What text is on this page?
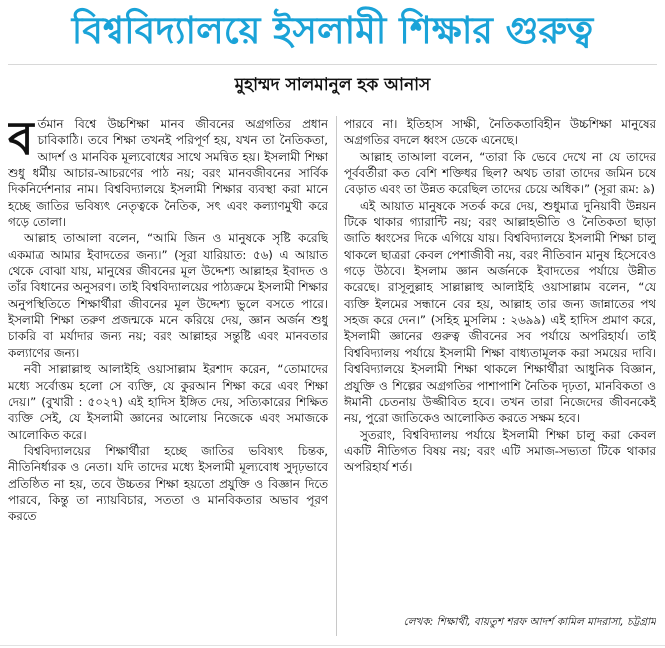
বিশ্ববিদ্যালয়ে ইসলামী শিক্ষার গুরুত্ব
মুহাম্মদ সালমানুল হক আনাস

বর্তমান বিশ্বে উচ্চশিক্ষা মানব জীবনের অগ্রগতির প্রধান চাবিকাঠি। তবে শিক্ষা তখনই পরিপূর্ণ হয়, যখন তা নৈতিকতা, আদর্শ ও মানবিক মূল্যবোধের সাথে সমন্বিত হয়। ইসলামী শিক্ষা শুধু ধর্মীয় আচার-আচরণের পাঠ নয়; বরং মানবজীবনের সার্বিক দিকনির্দেশনার নাম। বিশ্ববিদ্যালয়ে ইসলামী শিক্ষার ব্যবস্থা করা মানে হচ্ছে জাতির ভবিষ্যৎ নেতৃত্বকে নৈতিক, সৎ এবং কল্যাণমুখী করে গড়ে তোলা।

আল্লাহ তাআলা বলেন, “আমি জিন ও মানুষকে সৃষ্টি করেছি একমাত্র আমার ইবাদতের জন্য।” (সূরা যারিয়াত: ৫৬) এ আয়াত থেকে বোঝা যায়, মানুষের জীবনের মূল উদ্দেশ্য আল্লাহর ইবাদত ও তাঁর বিধানের অনুসরণ। তাই বিশ্ববিদ্যালয়ের পাঠ্যক্রমে ইসলামী শিক্ষার অনুপস্থিতিতে শিক্ষার্থীরা জীবনের মূল উদ্দেশ্য ভুলে বসতে পারে। ইসলামী শিক্ষা তরুণ প্রজন্মকে মনে করিয়ে দেয়, জ্ঞান অর্জন শুধু চাকরি বা মর্যাদার জন্য নয়; বরং আল্লাহর সন্তুষ্টি এবং মানবতার কল্যাণের জন্য।

নবী সাল্লাল্লাহু আলাইহি ওয়াসাল্লাম ইরশাদ করেন, “তোমাদের মধ্যে সর্বোত্তম হলো সে ব্যক্তি, যে কুরআন শিক্ষা করে এবং শিক্ষা দেয়।” (বুখারী : ৫০২৭) এই হাদিস ইঙ্গিত দেয়, সত্যিকারের শিক্ষিত ব্যক্তি সেই, যে ইসলামী জ্ঞানের আলোয় নিজেকে এবং সমাজকে আলোকিত করে।

বিশ্ববিদ্যালয়ের শিক্ষার্থীরা হচ্ছে জাতির ভবিষ্যৎ চিন্তক, নীতিনির্ধারক ও নেতা। যদি তাদের মধ্যে ইসলামী মূল্যবোধ সুদৃঢ়ভাবে প্রতিষ্ঠিত না হয়, তবে উচ্চতর শিক্ষা হয়তো প্রযুক্তি ও বিজ্ঞান দিতে পারবে, কিন্তু তা ন্যায়বিচার, সততা ও মানবিকতার অভাব পূরণ করতে

পারবে না। ইতিহাস সাক্ষী, নৈতিকতাবিহীন উচ্চশিক্ষা মানুষের অগ্রগতির বদলে ধ্বংস ডেকে এনেছে।

আল্লাহ তাআলা বলেন, “তারা কি ভেবে দেখে না যে তাদের পূর্ববর্তীরা কত বেশি শক্তিধর ছিল? অথচ তারা তাদের জমিন চষে বেড়াত এবং তা উন্নত করেছিল তাদের চেয়ে অধিক।” (সূরা রূম: ৯)

এই আয়াত মানুষকে সতর্ক করে দেয়, শুধুমাত্র দুনিয়াবী উন্নয়ন টিকে থাকার গ্যারান্টি নয়; বরং আল্লাহভীতি ও নৈতিকতা ছাড়া জাতি ধ্বংসের দিকে এগিয়ে যায়। বিশ্ববিদ্যালয়ে ইসলামী শিক্ষা চালু থাকলে ছাত্ররা কেবল পেশাজীবী নয়, বরং নীতিবান মানুষ হিসেবেও গড়ে উঠবে। ইসলাম জ্ঞান অর্জনকে ইবাদতের পর্যায়ে উন্নীত করেছে। রাসূলুল্লাহ সাল্লাল্লাহু আলাইহি ওয়াসাল্লাম বলেন, “যে ব্যক্তি ইলমের সন্ধানে বের হয়, আল্লাহ তার জন্য জান্নাতের পথ সহজ করে দেন।” (সহিহ মুসলিম : ২৬৯৯) এই হাদিস প্রমাণ করে, ইসলামী জ্ঞানের গুরুত্ব জীবনের সব পর্যায়ে অপরিহার্য। তাই বিশ্ববিদ্যালয় পর্যায়ে ইসলামী শিক্ষা বাধ্যতামূলক করা সময়ের দাবি। বিশ্ববিদ্যালয়ে ইসলামী শিক্ষা থাকলে শিক্ষার্থীরা আধুনিক বিজ্ঞান, প্রযুক্তি ও শিল্পের অগ্রগতির পাশাপাশি নৈতিক দৃঢ়তা, মানবিকতা ও ঈমানী চেতনায় উজ্জীবিত হবে। তখন তারা নিজেদের জীবনকেই নয়, পুরো জাতিকেও আলোকিত করতে সক্ষম হবে।

সুতরাং, বিশ্ববিদ্যালয় পর্যায়ে ইসলামী শিক্ষা চালু করা কেবল একটি নীতিগত বিষয় নয়; বরং এটি সমাজ-সভ্যতা টিকে থাকার অপরিহার্য শর্ত।

লেখক: শিক্ষার্থী, বায়তুশ শরফ আদর্শ কামিল মাদরাসা, চট্টগ্রাম
